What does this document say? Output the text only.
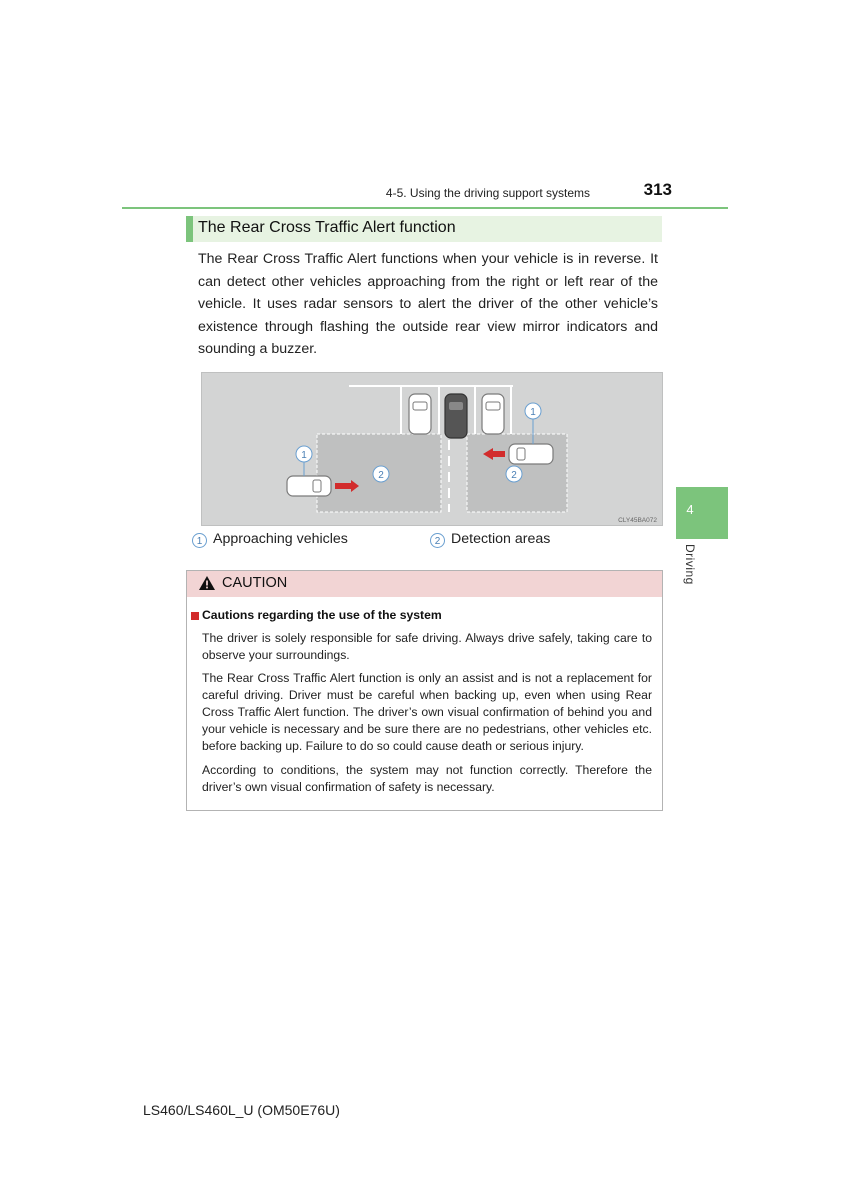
4-5. Using the driving support systems	313
The Rear Cross Traffic Alert function
The Rear Cross Traffic Alert functions when your vehicle is in reverse. It can detect other vehicles approaching from the right or left rear of the vehicle. It uses radar sensors to alert the driver of the other vehicle’s existence through flashing the outside rear view mirror indicators and sounding a buzzer.
1
2
1
2
CLY45BA072
1 Approaching vehicles	2 Detection areas
4
Driving
CAUTION
Cautions regarding the use of the system
The driver is solely responsible for safe driving. Always drive safely, taking care to observe your surroundings.
The Rear Cross Traffic Alert function is only an assist and is not a replacement for careful driving. Driver must be careful when backing up, even when using Rear Cross Traffic Alert function. The driver’s own visual confirmation of behind you and your vehicle is necessary and be sure there are no pedestrians, other vehicles etc. before backing up. Failure to do so could cause death or serious injury.
According to conditions, the system may not function correctly. Therefore the driver’s own visual confirmation of safety is necessary.
LS460/LS460L_U (OM50E76U)
